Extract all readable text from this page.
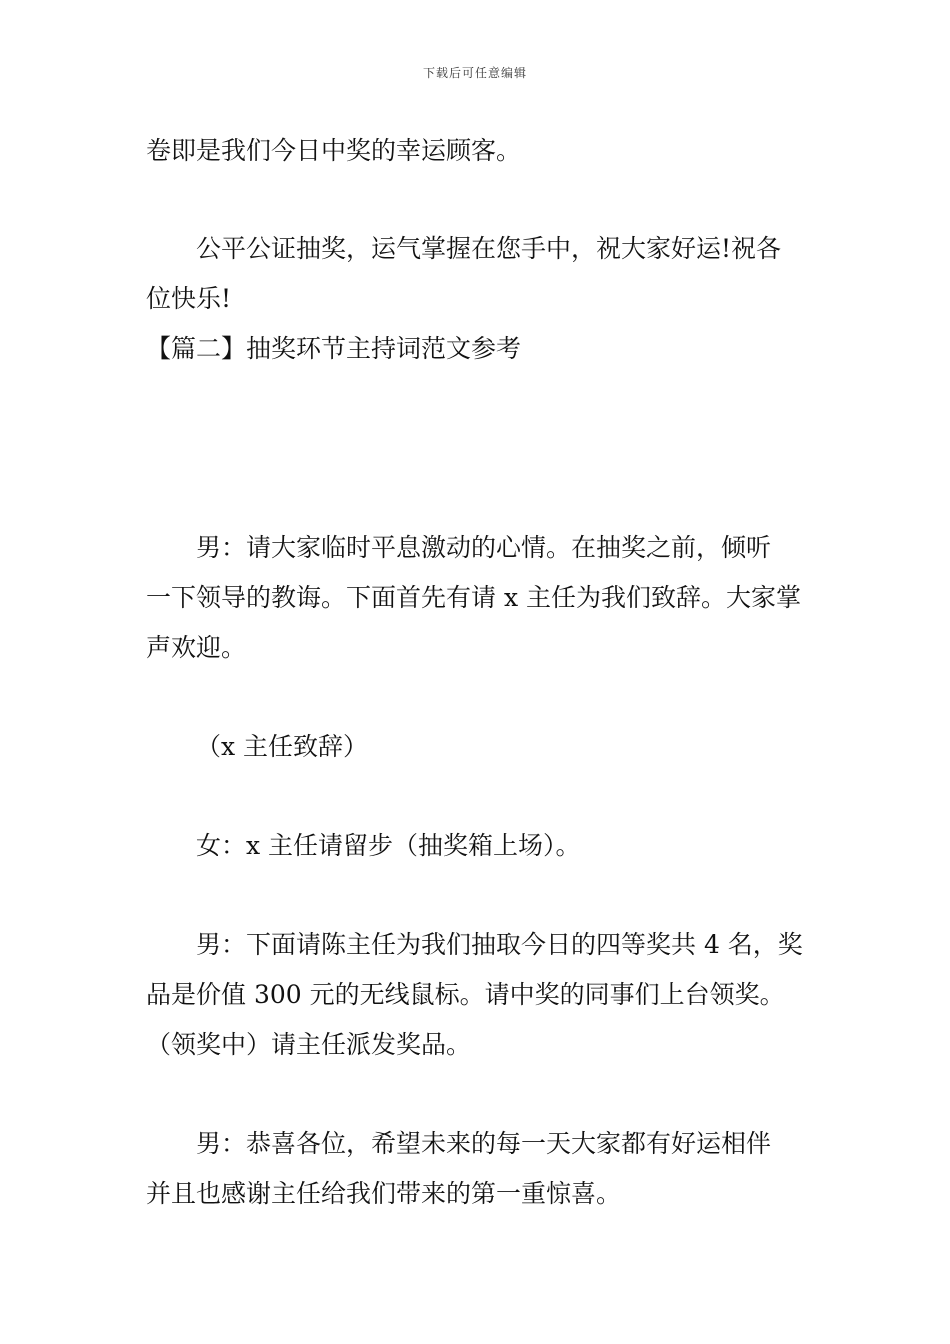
下载后可任意编辑
卷即是我们今日中奖的幸运顾客。
公平公证抽奖，运气掌握在您手中，祝大家好运!祝各
位快乐!
【篇二】抽奖环节主持词范文参考
男：请大家临时平息激动的心情。在抽奖之前，倾听
一下领导的教诲。下面首先有请 x 主任为我们致辞。大家掌
声欢迎。
（x 主任致辞）
女：x 主任请留步（抽奖箱上场）。
男：下面请陈主任为我们抽取今日的四等奖共 4 名，奖
品是价值 300 元的无线鼠标。请中奖的同事们上台领奖。
（领奖中）请主任派发奖品。
男：恭喜各位，希望未来的每一天大家都有好运相伴
并且也感谢主任给我们带来的第一重惊喜。
